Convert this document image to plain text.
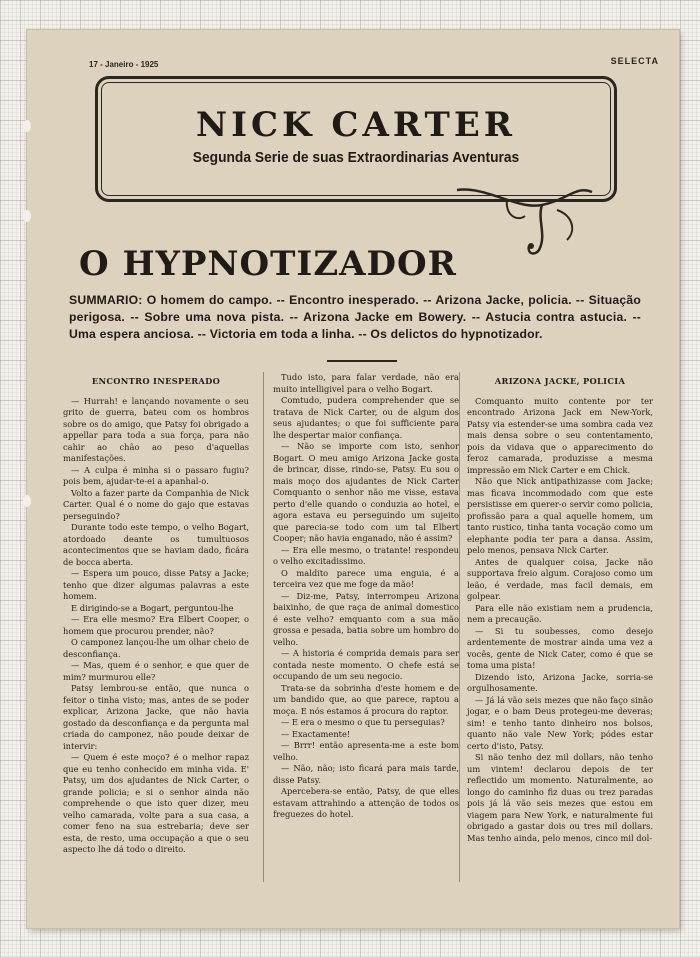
17 - Janeiro - 1925	SELECTA
NICK CARTER
Segunda Serie de suas Extraordinarias Aventuras
O HYPNOTIZADOR
SUMMARIO: O homem do campo. -- Encontro inesperado. -- Arizona Jacke, policia. -- Situação perigosa. -- Sobre uma nova pista. -- Arizona Jacke em Bowery. -- Astucia contra astucia. -- Uma espera anciosa. -- Victoria em toda a linha. -- Os delictos do hypnotizador.
ENCONTRO INESPERADO

— Hurrah! e lançando novamente o seu grito de guerra, bateu com os hombros sobre os do amigo, que Patsy foi obrigado a appellar para toda a sua força, para não cahir ao chão ao peso d'aquellas manifestações.

— A culpa é minha si o passaro fugiu? pois bem, ajudar-te-ei a apanhal-o.

Volto a fazer parte da Companhia de Nick Carter. Qual é o nome do gajo que estavas perseguindo?

Durante todo este tempo, o velho Bogart, atordoado deante os tumultuosos acontecimentos que se haviam dado, ficára de bocca aberta.

— Espera um pouco, disse Patsy a Jacke; tenho que dizer algumas palavras a este homem.

E dirigindo-se a Bogart, perguntou-lhe

— Era elle mesmo? Era Elbert Cooper, o homem que procurou prender, não?

O camponez lançou-lhe um olhar cheio de desconfiança.

— Mas, quem é o senhor, e que quer de mim? murmurou elle?

Patsy lembrou-se então, que nunca o feitor o tinha visto; mas, antes de se poder explicar, Arizona Jacke, que não havia gostado da desconfiança e da pergunta mal criada do camponez, não poude deixar de intervir:

— Quem é este moço? é o melhor rapaz que eu tenho conhecido em minha vida. E' Patsy, um dos ajudantes de Nick Carter, o grande policia; e si o senhor ainda não comprehende o que isto quer dizer, meu velho camarada, volte para a sua casa, a comer feno na sua estrebaria; deve ser esta, de resto, uma occupação a que o seu aspecto lhe dá todo o direito.

Tudo isto, para falar verdade, não era muito intelligivel para o velho Bogart.

Comtudo, pudera comprehender que se tratava de Nick Carter, ou de algum dos seus ajudantes; o que foi sufficiente para lhe despertar maior confiança.

— Não se importe com isto, senhor Bogart. O meu amigo Arizona Jacke gosta de brincar, disse, rindo-se, Patsy. Eu sou o mais moço dos ajudantes de Nick Carter Comquanto o senhor não me visse, estava perto d'elle quando o conduzia ao hotel, e agora estava eu perseguindo um sujeito que parecia-se todo com um tal Elbert Cooper; não havia enganado, não é assim?

— Era elle mesmo, o tratante! respondeu o velho excitadissimo.

O maldito parece uma enguia, é a terceira vez que me foge da mão!

— Diz-me, Patsy, interrompeu Arizona baixinho, de que raça de animal domestico é este velho? emquanto com a sua mão grossa e pesada, batia sobre um hombro do velho.

— A historia é comprida demais para ser contada neste momento. O chefe está se occupando de um seu negocio.

Trata-se da sobrinha d'este homem e de um bandido que, ao que parece, raptou a moça. E nós estamos á procura do raptor.

— E era o mesmo o que tu perseguias?

— Exactamente!

— Brrr! então apresenta-me a este bom velho.

— Não, não; isto ficará para mais tarde, disse Patsy.

Aperceberа-se então, Patsy, de que elles estavam attrahindo a attenção de todos os freguezes do hotel.

ARIZONA JACKE, POLICIA

Comquanto muito contente por ter encontrado Arizona Jack em New-York, Patsy via estender-se uma sombra cada vez mais densa sobre o seu contentamento, pois da vidava que o apparecimento do feroz camarada, produzisse a mesma impressão em Nick Carter e em Chick.

Não que Nick antipathizasse com Jacke; mas ficava incommodado com que este persistisse em querer-o servir como policia, profissão para a qual aquelle homem, um tanto rustico, tinha tanta vocação como um elephante podia ter para a dansa. Assim, pelo menos, pensava Nick Carter.

Antes de qualquer coisa, Jacke não supportava freio algum. Corajoso como um leão, é verdade, mas facil demais, em golpear.

Para elle não existiam nem a prudencia, nem a precaução.

— Si tu soubesses, como desejo ardentemente de mostrar ainda uma vez a vocês, gente de Nick Cater, como é que se toma uma pista!

Dizendo isto, Arizona Jacke, sorria-se orgulhosamente.

— Já lá vão seis mezes que não faço sinão jogar, e o bam Deus protegeu-me deveras; sim! e tenho tanto dinheiro nos bolsos, quanto não vale New York; pódes estar certo d'isto, Patsy.

Si não tenho dez mil dollars, não tenho um vintem! declarou depois de ter reflectido um momento. Naturalmente, ao longo do caminho fiz duas ou trez paradas pois já lá vão seis mezes que estou em viagem para New York, e naturalmente fui obrigado a gastar dois ou tres mil dollars. Mas tenho ainda, pelo menos, cinco mil dol-
